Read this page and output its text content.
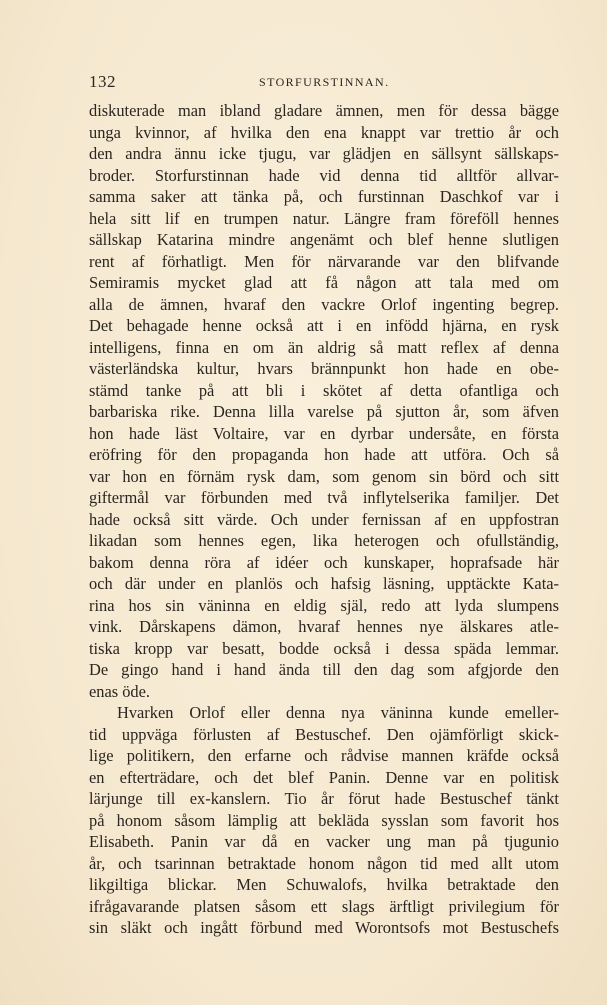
132	STORFURSTINNAN.
diskuterade man ibland gladare ämnen, men för dessa bägge
unga kvinnor, af hvilka den ena knappt var trettio år och
den andra ännu icke tjugu, var glädjen en sällsynt sällskaps-
broder. Storfurstinnan hade vid denna tid alltför allvar-
samma saker att tänka på, och furstinnan Daschkof var i
hela sitt lif en trumpen natur. Längre fram föreföll hennes
sällskap Katarina mindre angenämt och blef henne slutligen
rent af förhatligt. Men för närvarande var den blifvande
Semiramis mycket glad att få någon att tala med om
alla de ämnen, hvaraf den vackre Orlof ingenting begrep.
Det behagade henne också att i en infödd hjärna, en rysk
intelligens, finna en om än aldrig så matt reflex af denna
västerländska kultur, hvars brännpunkt hon hade en obe-
stämd tanke på att bli i skötet af detta ofantliga och
barbariska rike. Denna lilla varelse på sjutton år, som äfven
hon hade läst Voltaire, var en dyrbar undersåte, en första
eröfring för den propaganda hon hade att utföra. Och så
var hon en förnäm rysk dam, som genom sin börd och sitt
giftermål var förbunden med två inflytelserika familjer. Det
hade också sitt värde. Och under fernissan af en uppfostran
likadan som hennes egen, lika heterogen och ofullständig,
bakom denna röra af idéer och kunskaper, hoprafsade här
och där under en planlös och hafsig läsning, upptäckte Kata-
rina hos sin väninna en eldig själ, redo att lyda slumpens
vink. Dårskapens dämon, hvaraf hennes nye älskares atle-
tiska kropp var besatt, bodde också i dessa späda lemmar.
De gingo hand i hand ända till den dag som afgjorde den
enas öde.
Hvarken Orlof eller denna nya väninna kunde emeller-
tid uppväga förlusten af Bestuschef. Den ojämförligt skick-
lige politikern, den erfarne och rådvise mannen kräfde också
en efterträdare, och det blef Panin. Denne var en politisk
lärjunge till ex-kanslern. Tio år förut hade Bestuschef tänkt
på honom såsom lämplig att bekläda sysslan som favorit hos
Elisabeth. Panin var då en vacker ung man på tjugunio
år, och tsarinnan betraktade honom någon tid med allt utom
likgiltiga blickar. Men Schuwalofs, hvilka betraktade den
ifrågavarande platsen såsom ett slags ärftligt privilegium för
sin släkt och ingått förbund med Worontsofs mot Bestuschefs
